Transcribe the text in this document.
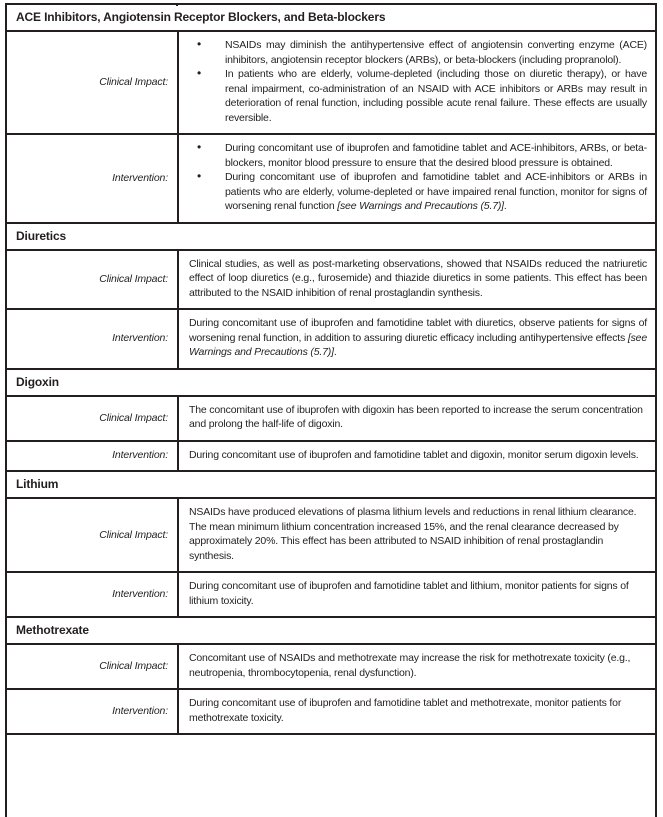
ACE Inhibitors, Angiotensin Receptor Blockers, and Beta-blockers	
Clinical Impact:	• NSAIDs may diminish the antihypertensive effect of angiotensin converting enzyme (ACE) inhibitors, angiotensin receptor blockers (ARBs), or beta-blockers (including propranolol).
• In patients who are elderly, volume-depleted (including those on diuretic therapy), or have renal impairment, co-administration of an NSAID with ACE inhibitors or ARBs may result in deterioration of renal function, including possible acute renal failure. These effects are usually reversible.

Intervention:	• During concomitant use of ibuprofen and famotidine tablet and ACE-inhibitors, ARBs, or beta- blockers, monitor blood pressure to ensure that the desired blood pressure is obtained.
• During concomitant use of ibuprofen and famotidine tablet and ACE-inhibitors or ARBs in patients who are elderly, volume-depleted or have impaired renal function, monitor for signs of worsening renal function [see Warnings and Precautions (5.7)].

Diuretics	
Clinical Impact:	Clinical studies, as well as post-marketing observations, showed that NSAIDs reduced the natriuretic effect of loop diuretics (e.g., furosemide) and thiazide diuretics in some patients. This effect has been attributed to the NSAID inhibition of renal prostaglandin synthesis.

Intervention:	During concomitant use of ibuprofen and famotidine tablet with diuretics, observe patients for signs of worsening renal function, in addition to assuring diuretic efficacy including antihypertensive effects [see Warnings and Precautions (5.7)].

Digoxin	
Clinical Impact:	The concomitant use of ibuprofen with digoxin has been reported to increase the serum concentration and prolong the half-life of digoxin.

Intervention:	During concomitant use of ibuprofen and famotidine tablet and digoxin, monitor serum digoxin levels.

Lithium	
Clinical Impact:	NSAIDs have produced elevations of plasma lithium levels and reductions in renal lithium clearance. The mean minimum lithium concentration increased 15%, and the renal clearance decreased by approximately 20%. This effect has been attributed to NSAID inhibition of renal prostaglandin synthesis.

Intervention:	During concomitant use of ibuprofen and famotidine tablet and lithium, monitor patients for signs of lithium toxicity.

Methotrexate	
Clinical Impact:	Concomitant use of NSAIDs and methotrexate may increase the risk for methotrexate toxicity (e.g., neutropenia, thrombocytopenia, renal dysfunction).

Intervention:	During concomitant use of ibuprofen and famotidine tablet and methotrexate, monitor patients for methotrexate toxicity.
